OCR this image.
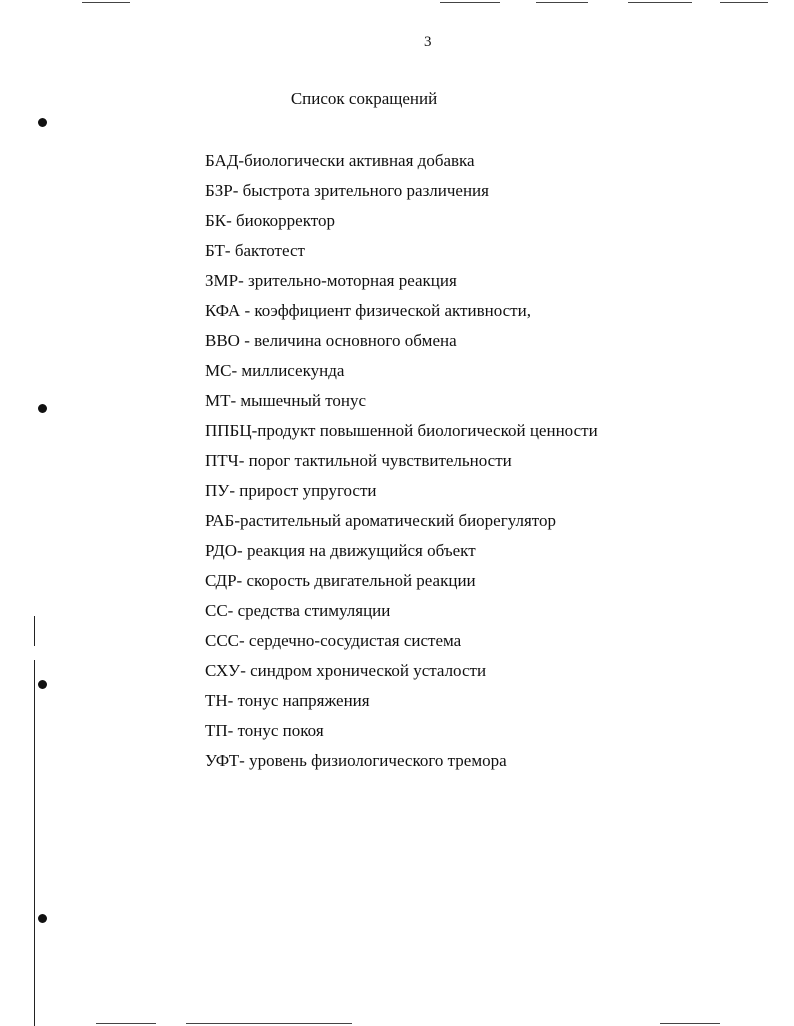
3
Список сокращений
БАД-биологически активная добавка
БЗР- быстрота зрительного различения
БК- биокорректор
БТ- бактотест
ЗМР- зрительно-моторная реакция
КФА - коэффициент физической активности,
ВВО - величина основного обмена
МС- миллисекунда
МТ- мышечный тонус
ППБЦ-продукт повышенной биологической ценности
ПТЧ- порог тактильной чувствительности
ПУ- прирост упругости
РАБ-растительный ароматический биорегулятор
РДО- реакция на движущийся объект
СДР- скорость двигательной реакции
СС- средства стимуляции
ССС- сердечно-сосудистая система
СХУ- синдром хронической усталости
ТН- тонус напряжения
ТП- тонус покоя
УФТ- уровень физиологического тремора
